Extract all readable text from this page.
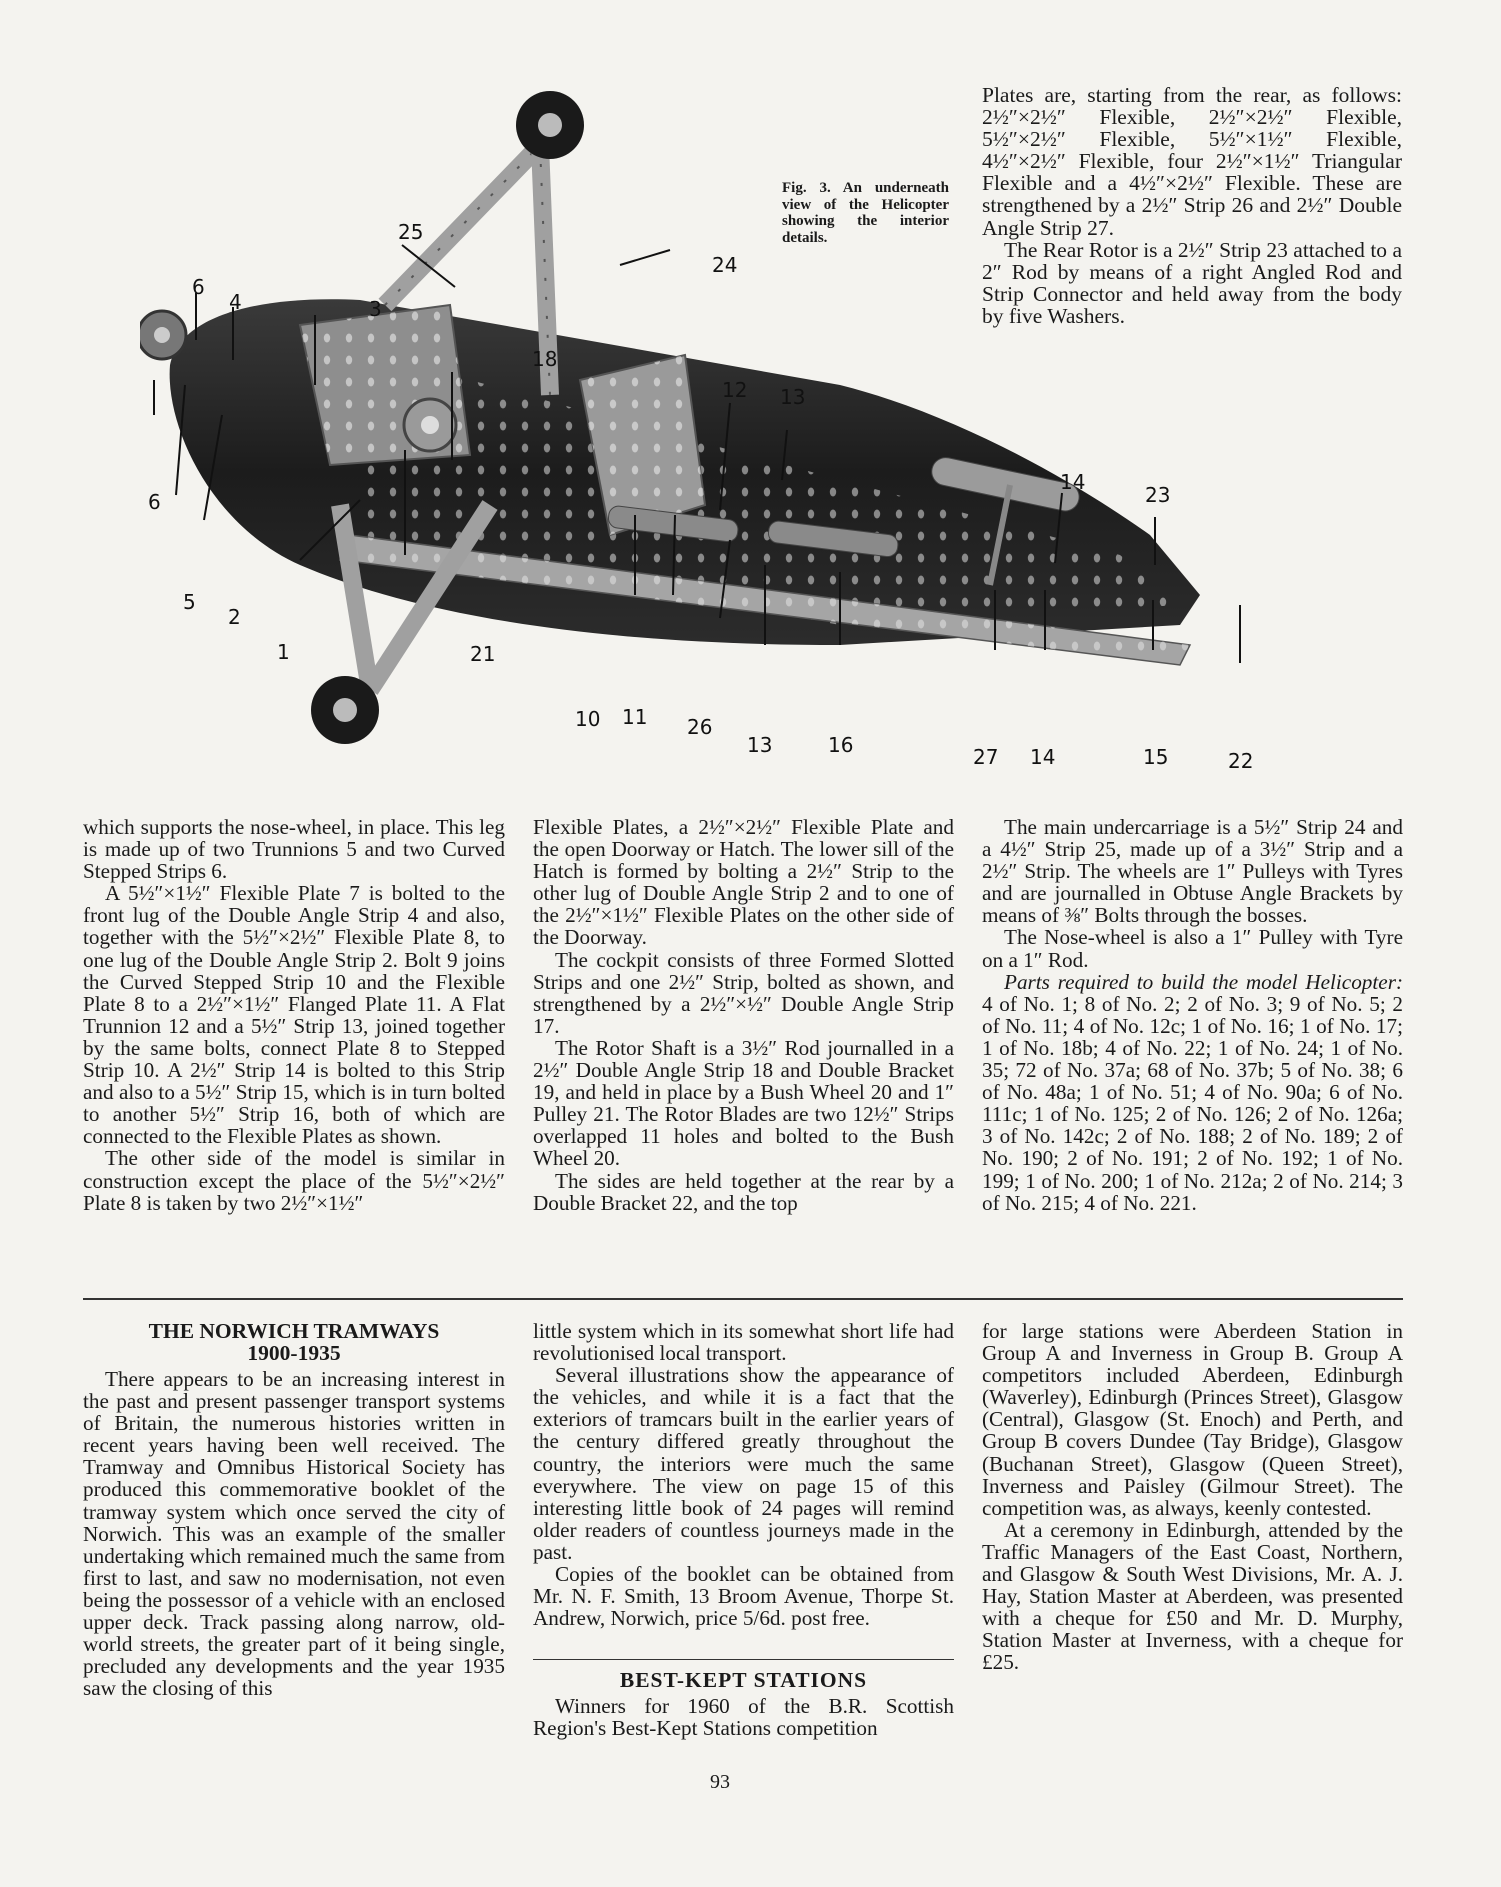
Plates are, starting from the rear, as follows: 2½″×2½″ Flexible, 2½″×2½″ Flexible, 5½″×2½″ Flexible, 5½″×1½″ Flexible, 4½″×2½″ Flexible, four 2½″×1½″ Triangular Flexible and a 4½″×2½″ Flexible. These are strengthened by a 2½″ Strip 26 and 2½″ Double Angle Strip 27.

The Rear Rotor is a 2½″ Strip 23 attached to a 2″ Rod by means of a right Angled Rod and Strip Connector and held away from the body by five Washers.

Fig. 3. An underneath view of the Helicopter showing the interior details.
6
4	3
25
18
24
12 13
14
23
6
5
2
1	21
10 11 26
13	16	27 14	15	22

which supports the nose-wheel, in place. This leg is made up of two Trunnions 5 and two Curved Stepped Strips 6.

A 5½″×1½″ Flexible Plate 7 is bolted to the front lug of the Double Angle Strip 4 and also, together with the 5½″×2½″ Flexible Plate 8, to one lug of the Double Angle Strip 2. Bolt 9 joins the Curved Stepped Strip 10 and the Flexible Plate 8 to a 2½″×1½″ Flanged Plate 11. A Flat Trunnion 12 and a 5½″ Strip 13, joined together by the same bolts, connect Plate 8 to Stepped Strip 10. A 2½″ Strip 14 is bolted to this Strip and also to a 5½″ Strip 15, which is in turn bolted to another 5½″ Strip 16, both of which are connected to the Flexible Plates as shown.

The other side of the model is similar in construction except the place of the 5½″×2½″ Plate 8 is taken by two 2½″×1½″

Flexible Plates, a 2½″×2½″ Flexible Plate and the open Doorway or Hatch. The lower sill of the Hatch is formed by bolting a 2½″ Strip to the other lug of Double Angle Strip 2 and to one of the 2½″×1½″ Flexible Plates on the other side of the Doorway.

The cockpit consists of three Formed Slotted Strips and one 2½″ Strip, bolted as shown, and strengthened by a 2½″×½″ Double Angle Strip 17.

The Rotor Shaft is a 3½″ Rod journalled in a 2½″ Double Angle Strip 18 and Double Bracket 19, and held in place by a Bush Wheel 20 and 1″ Pulley 21. The Rotor Blades are two 12½″ Strips overlapped 11 holes and bolted to the Bush Wheel 20.

The sides are held together at the rear by a Double Bracket 22, and the top

The main undercarriage is a 5½″ Strip 24 and a 4½″ Strip 25, made up of a 3½″ Strip and a 2½″ Strip. The wheels are 1″ Pulleys with Tyres and are journalled in Obtuse Angle Brackets by means of ⅜″ Bolts through the bosses.

The Nose-wheel is also a 1″ Pulley with Tyre on a 1″ Rod.

Parts required to build the model Helicopter: 4 of No. 1; 8 of No. 2; 2 of No. 3; 9 of No. 5; 2 of No. 11; 4 of No. 12c; 1 of No. 16; 1 of No. 17; 1 of No. 18b; 4 of No. 22; 1 of No. 24; 1 of No. 35; 72 of No. 37a; 68 of No. 37b; 5 of No. 38; 6 of No. 48a; 1 of No. 51; 4 of No. 90a; 6 of No. 111c; 1 of No. 125; 2 of No. 126; 2 of No. 126a; 3 of No. 142c; 2 of No. 188; 2 of No. 189; 2 of No. 190; 2 of No. 191; 2 of No. 192; 1 of No. 199; 1 of No. 200; 1 of No. 212a; 2 of No. 214; 3 of No. 215; 4 of No. 221.

THE NORWICH TRAMWAYS
1900-1935

There appears to be an increasing interest in the past and present passenger transport systems of Britain, the numerous histories written in recent years having been well received. The Tramway and Omnibus Historical Society has produced this commemorative booklet of the tramway system which once served the city of Norwich. This was an example of the smaller undertaking which remained much the same from first to last, and saw no modernisation, not even being the possessor of a vehicle with an enclosed upper deck. Track passing along narrow, old-world streets, the greater part of it being single, precluded any developments and the year 1935 saw the closing of this

little system which in its somewhat short life had revolutionised local transport.

Several illustrations show the appearance of the vehicles, and while it is a fact that the exteriors of tramcars built in the earlier years of the century differed greatly throughout the country, the interiors were much the same everywhere. The view on page 15 of this interesting little book of 24 pages will remind older readers of countless journeys made in the past.

Copies of the booklet can be obtained from Mr. N. F. Smith, 13 Broom Avenue, Thorpe St. Andrew, Norwich, price 5/6d. post free.

BEST-KEPT STATIONS

Winners for 1960 of the B.R. Scottish Region's Best-Kept Stations competition

for large stations were Aberdeen Station in Group A and Inverness in Group B. Group A competitors included Aberdeen, Edinburgh (Waverley), Edinburgh (Princes Street), Glasgow (Central), Glasgow (St. Enoch) and Perth, and Group B covers Dundee (Tay Bridge), Glasgow (Buchanan Street), Glasgow (Queen Street), Inverness and Paisley (Gilmour Street). The competition was, as always, keenly contested.

At a ceremony in Edinburgh, attended by the Traffic Managers of the East Coast, Northern, and Glasgow & South West Divisions, Mr. A. J. Hay, Station Master at Aberdeen, was presented with a cheque for £50 and Mr. D. Murphy, Station Master at Inverness, with a cheque for £25.

93
